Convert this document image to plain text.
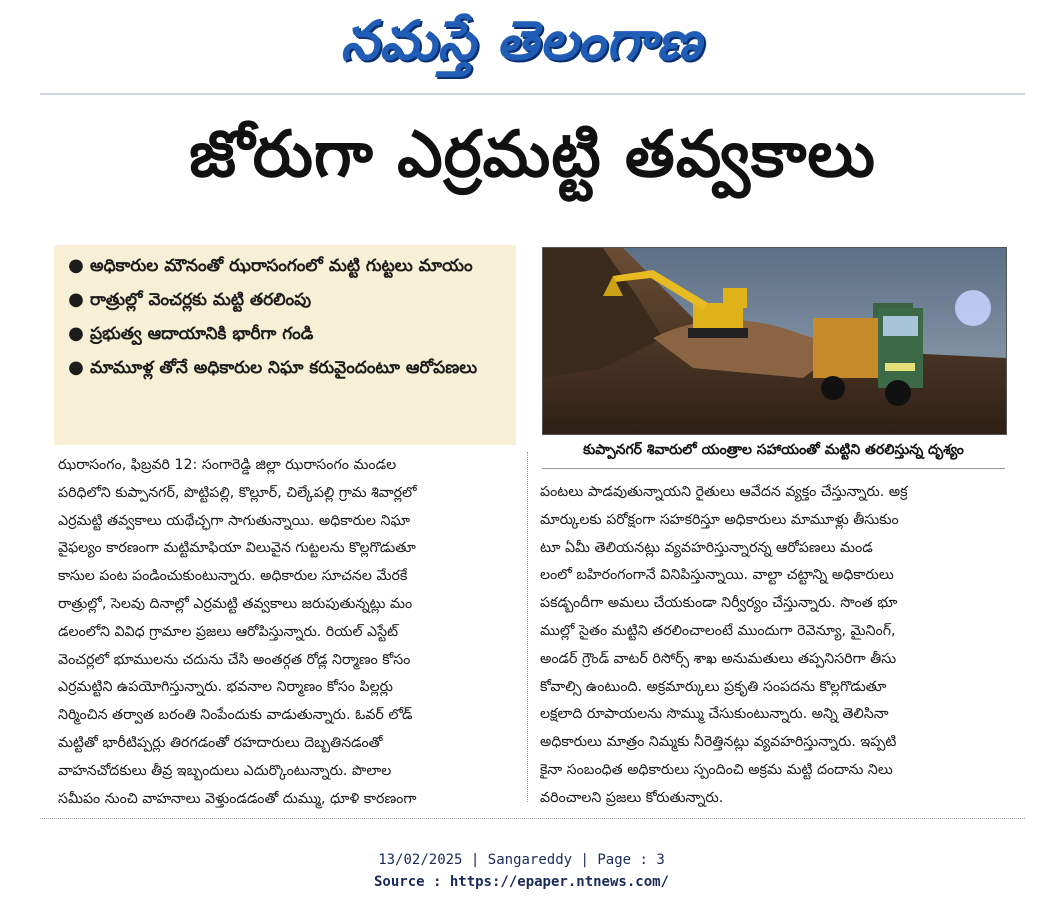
నమస్తే తెలంగాణ
జోరుగా ఎర్రమట్టి తవ్వకాలు
● అధికారుల మౌనంతో ఝరాసంగంలో మట్టి గుట్టలు మాయం
● రాత్రుల్లో వెంచర్లకు మట్టి తరలింపు
● ప్రభుత్వ ఆదాయానికి భారీగా గండి
● మామూళ్ల తోనే అధికారుల నిఘా కరువైందంటూ ఆరోపణలు
కుప్పానగర్ శివారులో యంత్రాల సహాయంతో మట్టిని తరలిస్తున్న దృశ్యం
ఝరాసంగం, ఫిబ్రవరి 12: సంగారెడ్డి జిల్లా ఝరాసంగం మండల
పరిధిలోని కుప్పానగర్, పొట్టిపల్లి, కొల్లూర్, చిల్కేపల్లి గ్రామ శివార్లలో
ఎర్రమట్టి తవ్వకాలు యథేచ్ఛగా సాగుతున్నాయి. అధికారుల నిఘా
వైఫల్యం కారణంగా మట్టిమాఫియా విలువైన గుట్టలను కొల్లగొడుతూ
కాసుల పంట పండించుకుంటున్నారు. అధికారుల సూచనల మేరకే
రాత్రుల్లో, సెలవు దినాల్లో ఎర్రమట్టి తవ్వకాలు జరుపుతున్నట్లు మం
డలంలోని వివిధ గ్రామాల ప్రజలు ఆరోపిస్తున్నారు. రియల్ ఎస్టేట్
వెంచర్లలో భూములను చదును చేసి అంతర్గత రోడ్ల నిర్మాణం కోసం
ఎర్రమట్టిని ఉపయోగిస్తున్నారు. భవనాల నిర్మాణం కోసం పిల్లర్లు
నిర్మించిన తర్వాత బరంతి నింపేందుకు వాడుతున్నారు. ఓవర్ లోడ్
మట్టితో భారీటిప్పర్లు తిరగడంతో రహదారులు దెబ్బతినడంతో
వాహనచోదకులు తీవ్ర ఇబ్బందులు ఎదుర్కొంటున్నారు. పొలాల
సమీపం నుంచి వాహనాలు వెళ్తుండడంతో దుమ్ము, ధూళి కారణంగా
పంటలు పాడవుతున్నాయని రైతులు ఆవేదన వ్యక్తం చేస్తున్నారు. అక్ర
మార్కులకు పరోక్షంగా సహకరిస్తూ అధికారులు మామూళ్లు తీసుకుం
టూ ఏమీ తెలియనట్లు వ్యవహరిస్తున్నారన్న ఆరోపణలు మండ
లంలో బహిరంగంగానే వినిపిస్తున్నాయి. వాల్టా చట్టాన్ని అధికారులు
పకడ్బందీగా అమలు చేయకుండా నిర్వీర్యం చేస్తున్నారు. సొంత భూ
ముల్లో సైతం మట్టిని తరలించాలంటే ముందుగా రెవెన్యూ, మైనింగ్,
అండర్ గ్రౌండ్ వాటర్ రిసోర్స్ శాఖ అనుమతులు తప్పనిసరిగా తీసు
కోవాల్సి ఉంటుంది. అక్రమార్కులు ప్రకృతి సంపదను కొల్లగొడుతూ
లక్షలాది రూపాయలను సొమ్ము చేసుకుంటున్నారు. అన్ని తెలిసినా
అధికారులు మాత్రం నిమ్మకు నీరెత్తినట్లు వ్యవహరిస్తున్నారు. ఇప్పటి
కైనా సంబంధిత అధికారులు స్పందించి అక్రమ మట్టి దందాను నిలు
వరించాలని ప్రజలు కోరుతున్నారు.
13/02/2025 | Sangareddy | Page : 3
Source : https://epaper.ntnews.com/
